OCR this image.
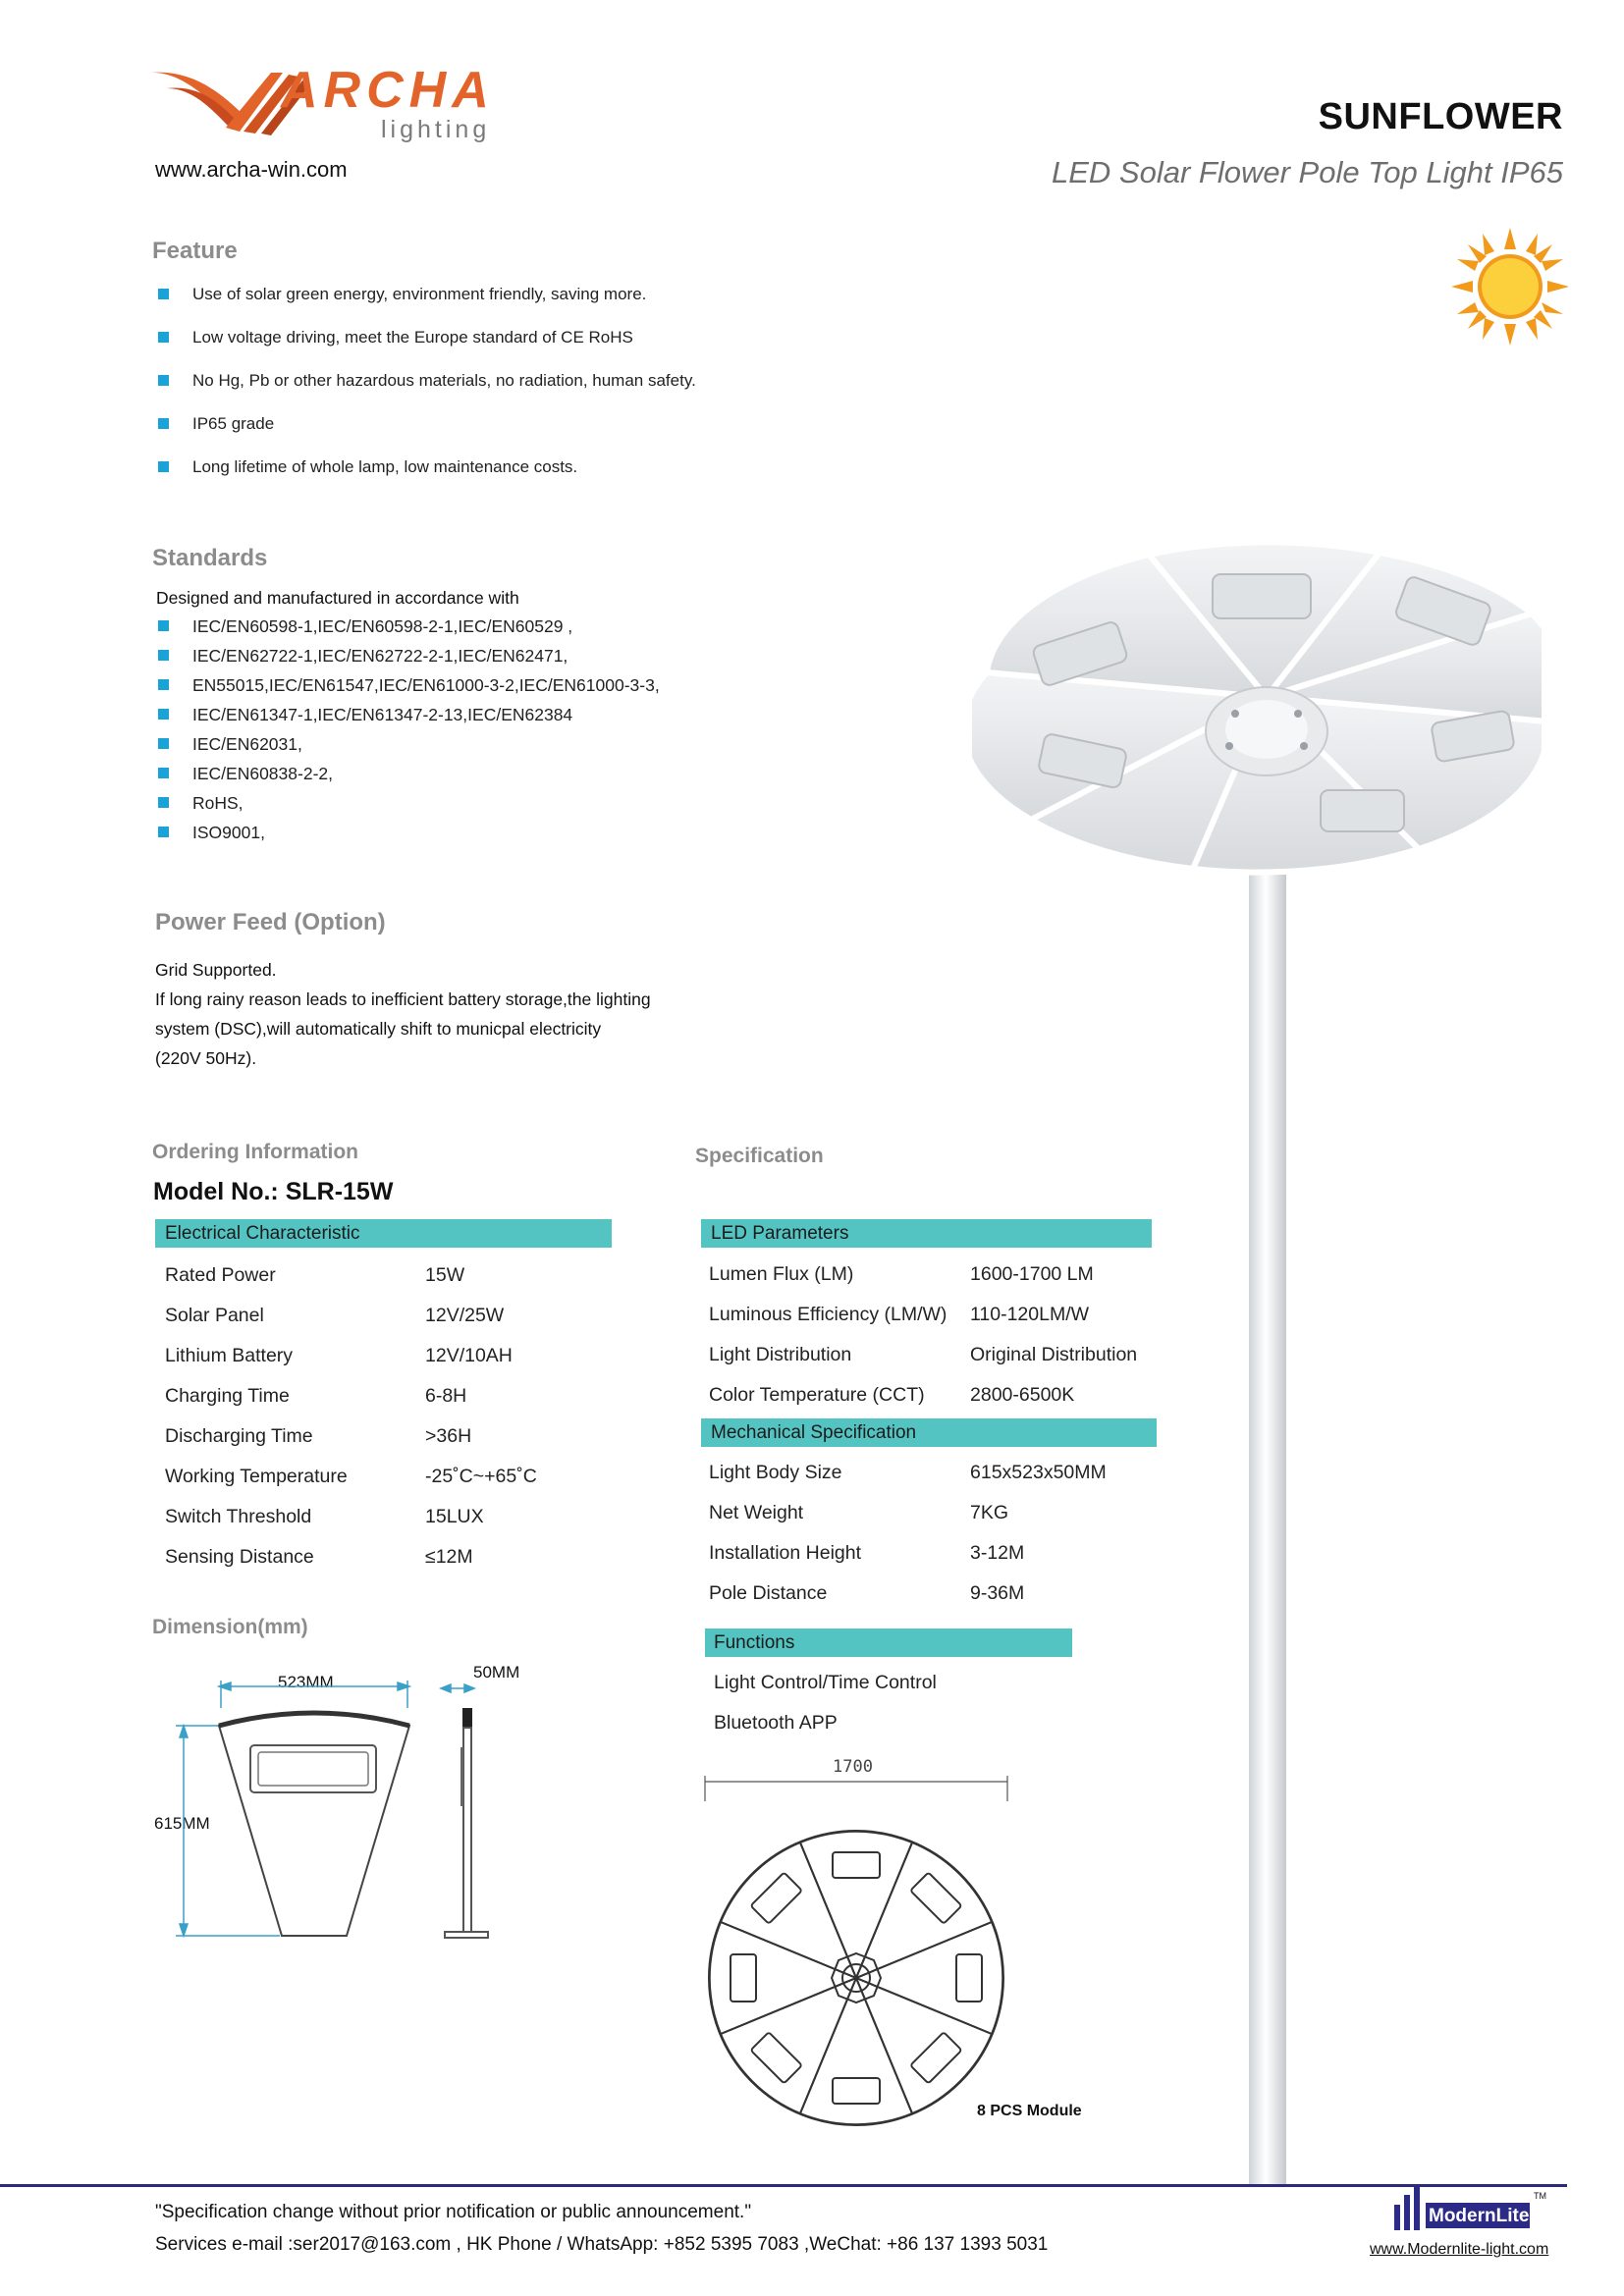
ARCHA
lighting
www.archa-win.com
SUNFLOWER
LED Solar Flower Pole Top Light IP65
Feature
Use of solar green energy, environment friendly, saving more.
Low voltage driving, meet the Europe standard of CE RoHS
No Hg, Pb or other hazardous materials, no radiation, human safety.
IP65 grade
Long lifetime of whole lamp, low maintenance costs.
Standards
Designed and manufactured in accordance with
IEC/EN60598-1,IEC/EN60598-2-1,IEC/EN60529 ,
IEC/EN62722-1,IEC/EN62722-2-1,IEC/EN62471,
EN55015,IEC/EN61547,IEC/EN61000-3-2,IEC/EN61000-3-3,
IEC/EN61347-1,IEC/EN61347-2-13,IEC/EN62384
IEC/EN62031,
IEC/EN60838-2-2,
RoHS,
ISO9001,
Power Feed (Option)
Grid Supported.
If long rainy reason leads to inefficient battery storage,the lighting
system (DSC),will automatically shift to municpal electricity
(220V 50Hz).
Ordering Information
Model No.: SLR-15W
Electrical Characteristic
Rated Power	15W
Solar Panel	12V/25W
Lithium Battery	12V/10AH
Charging Time	6-8H
Discharging Time	>36H
Working Temperature	-25˚C~+65˚C
Switch Threshold	15LUX
Sensing Distance	≤12M
Specification
LED Parameters
Lumen Flux (LM)	1600-1700 LM
Luminous Efficiency (LM/W)	110-120LM/W
Light Distribution	Original Distribution
Color Temperature (CCT)	2800-6500K
Mechanical Specification
Light Body Size	615x523x50MM
Net Weight	7KG
Installation Height	3-12M
Pole Distance	9-36M
Functions
Light Control/Time Control
Bluetooth APP
Dimension(mm)
523MM
50MM
615MM
1700
8 PCS Module
"Specification change without prior notification or public announcement."
Services e-mail :ser2017@163.com , HK Phone / WhatsApp: +852 5395 7083 ,WeChat: +86 137 1393 5031
ModernLite
TM
www.Modernlite-light.com
